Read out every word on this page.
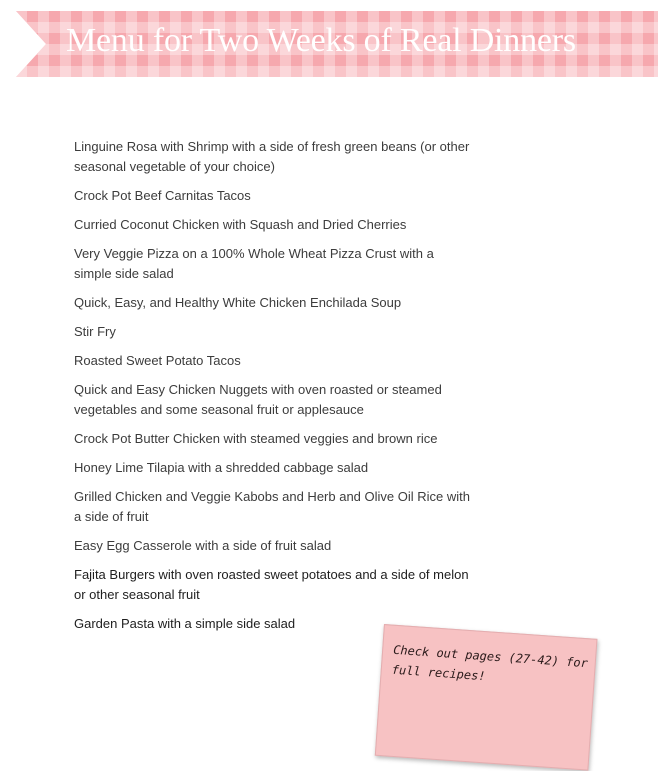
Menu for Two Weeks of Real Dinners
Linguine Rosa with Shrimp with a side of fresh green beans (or other seasonal vegetable of your choice)
Crock Pot Beef Carnitas Tacos
Curried Coconut Chicken with Squash and Dried Cherries
Very Veggie Pizza on a 100% Whole Wheat Pizza Crust with a simple side salad
Quick, Easy, and Healthy White Chicken Enchilada Soup
Stir Fry
Roasted Sweet Potato Tacos
Quick and Easy Chicken Nuggets with oven roasted or steamed vegetables and some seasonal fruit or applesauce
Crock Pot Butter Chicken with steamed veggies and brown rice
Honey Lime Tilapia with a shredded cabbage salad
Grilled Chicken and Veggie Kabobs and Herb and Olive Oil Rice with a side of fruit
Easy Egg Casserole with a side of fruit salad
Fajita Burgers with oven roasted sweet potatoes and a side of melon or other seasonal fruit
Garden Pasta with a simple side salad
Check out pages (27-42) for full recipes!
